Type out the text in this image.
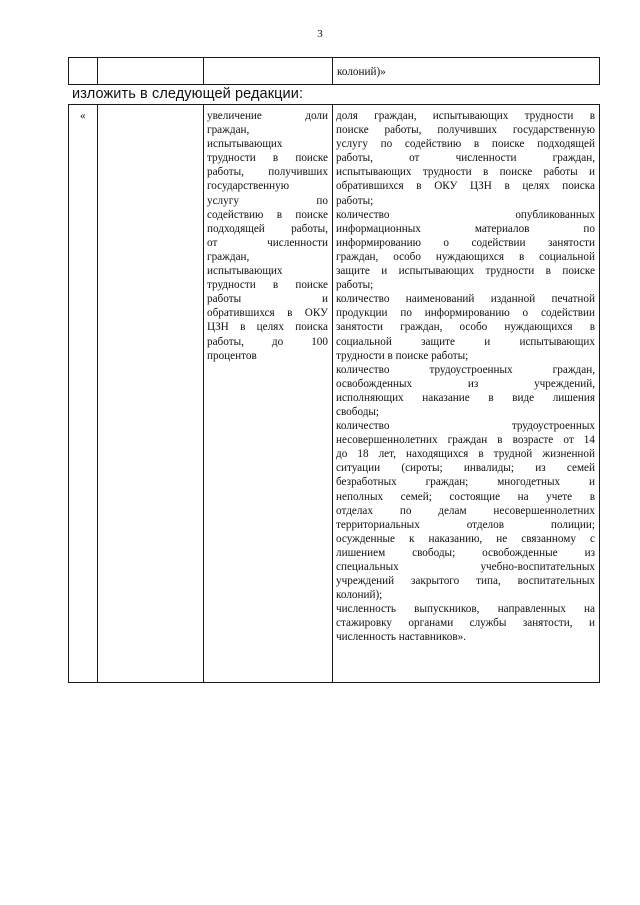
3
колоний)»
изложить в следующей редакции:
«	увеличение доли
граждан,
испытывающих
трудности в поиске
работы, получивших
государственную
услугу по
содействию в поиске
подходящей работы,
от численности
граждан,
испытывающих
трудности в поиске
работы и
обратившихся в ОКУ
ЦЗН в целях поиска
работы, до 100
процентов
доля граждан, испытывающих трудности в
поиске работы, получивших государственную
услугу по содействию в поиске подходящей
работы, от численности граждан,
испытывающих трудности в поиске работы и
обратившихся в ОКУ ЦЗН в целях поиска
работы;
количество опубликованных
информационных материалов по
информированию о содействии занятости
граждан, особо нуждающихся в социальной
защите и испытывающих трудности в поиске
работы;
количество наименований изданной печатной
продукции по информированию о содействии
занятости граждан, особо нуждающихся в
социальной защите и испытывающих
трудности в поиске работы;
количество трудоустроенных граждан,
освобожденных из учреждений,
исполняющих наказание в виде лишения
свободы;
количество трудоустроенных
несовершеннолетних граждан в возрасте от 14
до 18 лет, находящихся в трудной жизненной
ситуации (сироты; инвалиды; из семей
безработных граждан; многодетных и
неполных семей; состоящие на учете в
отделах по делам несовершеннолетних
территориальных отделов полиции;
осужденные к наказанию, не связанному с
лишением свободы; освобожденные из
специальных учебно-воспитательных
учреждений закрытого типа, воспитательных
колоний);
численность выпускников, направленных на
стажировку органами службы занятости, и
численность наставников».
